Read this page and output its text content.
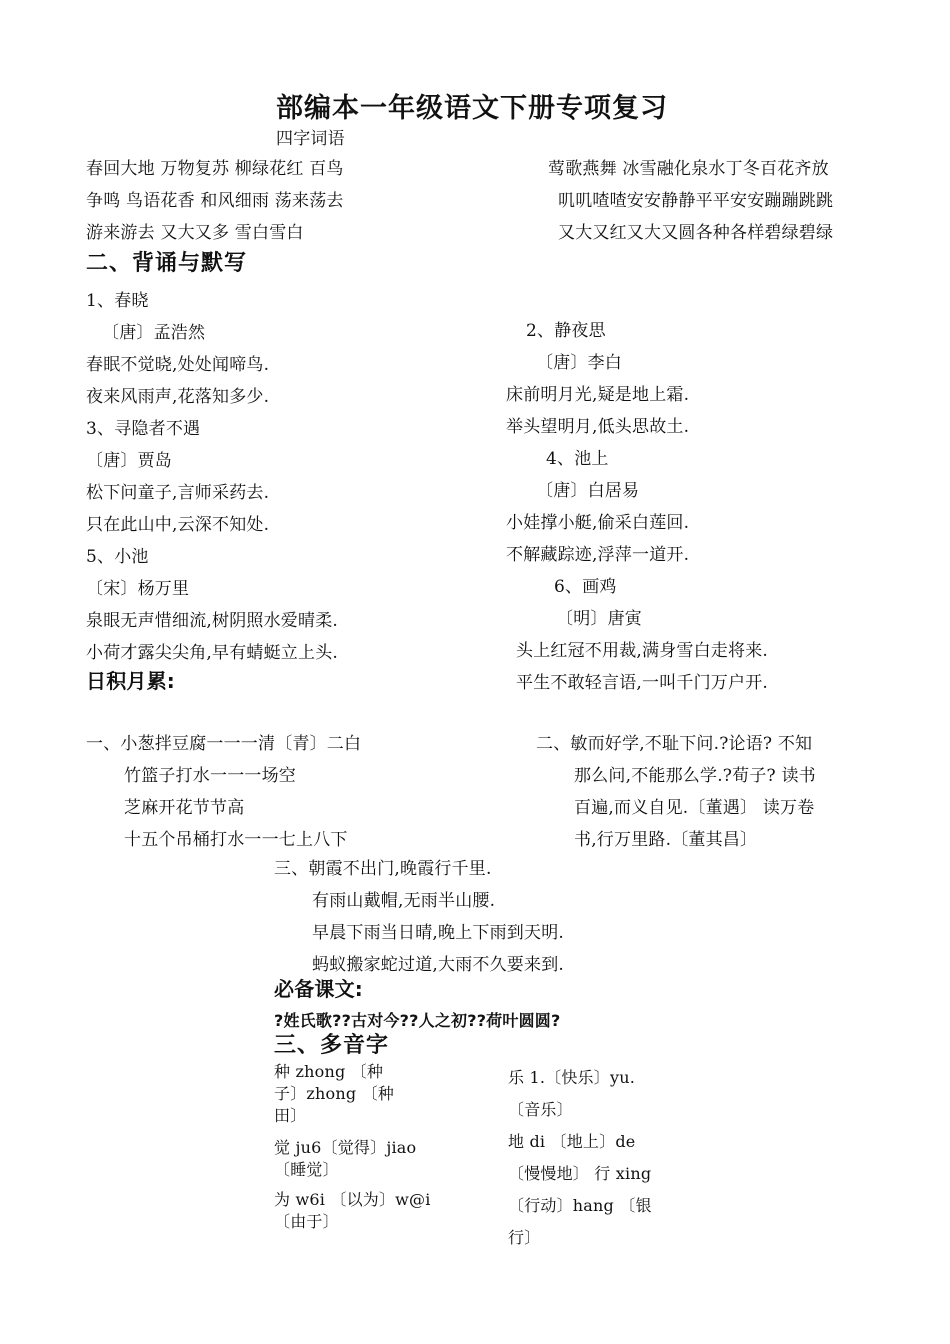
部编本一年级语文下册专项复习
四字词语
春回大地 万物复苏 柳绿花红 百鸟
争鸣 鸟语花香 和风细雨 荡来荡去
游来游去 又大又多 雪白雪白
莺歌燕舞 冰雪融化泉水丁冬百花齐放
叽叽喳喳安安静静平平安安蹦蹦跳跳
又大又红又大又圆各种各样碧绿碧绿
二、背诵与默写
1、春晓
〔唐〕孟浩然
春眠不觉晓,处处闻啼鸟.
夜来风雨声,花落知多少.
2、静夜思
〔唐〕李白
床前明月光,疑是地上霜.
举头望明月,低头思故土.
3、寻隐者不遇
〔唐〕贾岛
松下问童子,言师采药去.
只在此山中,云深不知处.
4、池上
〔唐〕白居易
小娃撑小艇,偷采白莲回.
不解藏踪迹,浮萍一道开.
5、小池
〔宋〕杨万里
泉眼无声惜细流,树阴照水爱晴柔.
小荷才露尖尖角,早有蜻蜓立上头.
6、画鸡
〔明〕唐寅
头上红冠不用裁,满身雪白走将来.
平生不敢轻言语,一叫千门万户开.
日积月累:
一、小葱拌豆腐一一一清〔青〕二白
竹篮子打水一一一场空
芝麻开花节节高
十五个吊桶打水一一七上八下
二、敏而好学,不耻下问.?论语? 不知
那么问,不能那么学.?荀子? 读书
百遍,而义自见.〔董遇〕 读万卷
书,行万里路.〔董其昌〕
三、朝霞不出门,晚霞行千里.
有雨山戴帽,无雨半山腰.
早晨下雨当日晴,晚上下雨到天明.
蚂蚁搬家蛇过道,大雨不久要来到.
必备课文:
?姓氏歌??古对今??人之初??荷叶圆圆?
三、多音字
种 zhong 〔种
子〕zhong 〔种
田〕
觉 ju6〔觉得〕jiao
〔睡觉〕
为 w6i 〔以为〕w@i
〔由于〕
乐 1.〔快乐〕yu.
〔音乐〕
地 di 〔地上〕de
〔慢慢地〕 行 xing
〔行动〕hang 〔银
行〕
